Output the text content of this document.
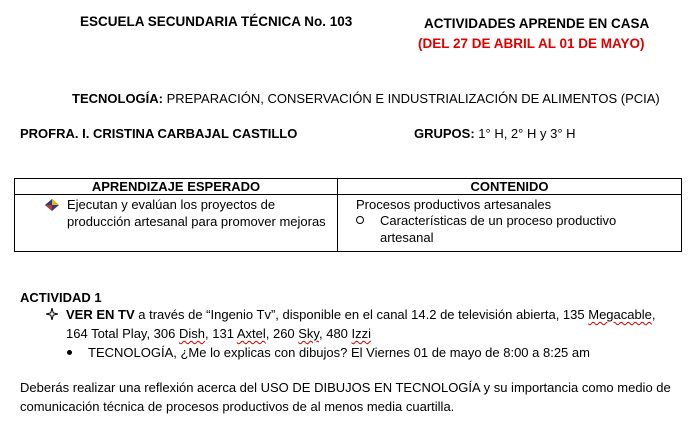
ESCUELA SECUNDARIA TÉCNICA No. 103	ACTIVIDADES APRENDE EN CASA
(DEL 27 DE ABRIL AL 01 DE MAYO)
TECNOLOGÍA: PREPARACIÓN, CONSERVACIÓN E INDUSTRIALIZACIÓN DE ALIMENTOS (PCIA)
PROFRA. I. CRISTINA CARBAJAL CASTILLO	GRUPOS: 1° H, 2° H y 3° H
APRENDIZAJE ESPERADO	CONTENIDO

Ejecutan y evalúan los proyectos de producción artesanal para promover mejoras	Procesos productivos artesanales
Características de un proceso productivo artesanal
ACTIVIDAD 1
VER EN TV a través de “Ingenio Tv”, disponible en el canal 14.2 de televisión abierta, 135 Megacable,
164 Total Play, 306 Dish, 131 Axtel, 260 Sky, 480 Izzi
TECNOLOGÍA, ¿Me lo explicas con dibujos? El Viernes 01 de mayo de 8:00 a 8:25 am
Deberás realizar una reflexión acerca del USO DE DIBUJOS EN TECNOLOGÍA y su importancia como medio de
comunicación técnica de procesos productivos de al menos media cuartilla.
